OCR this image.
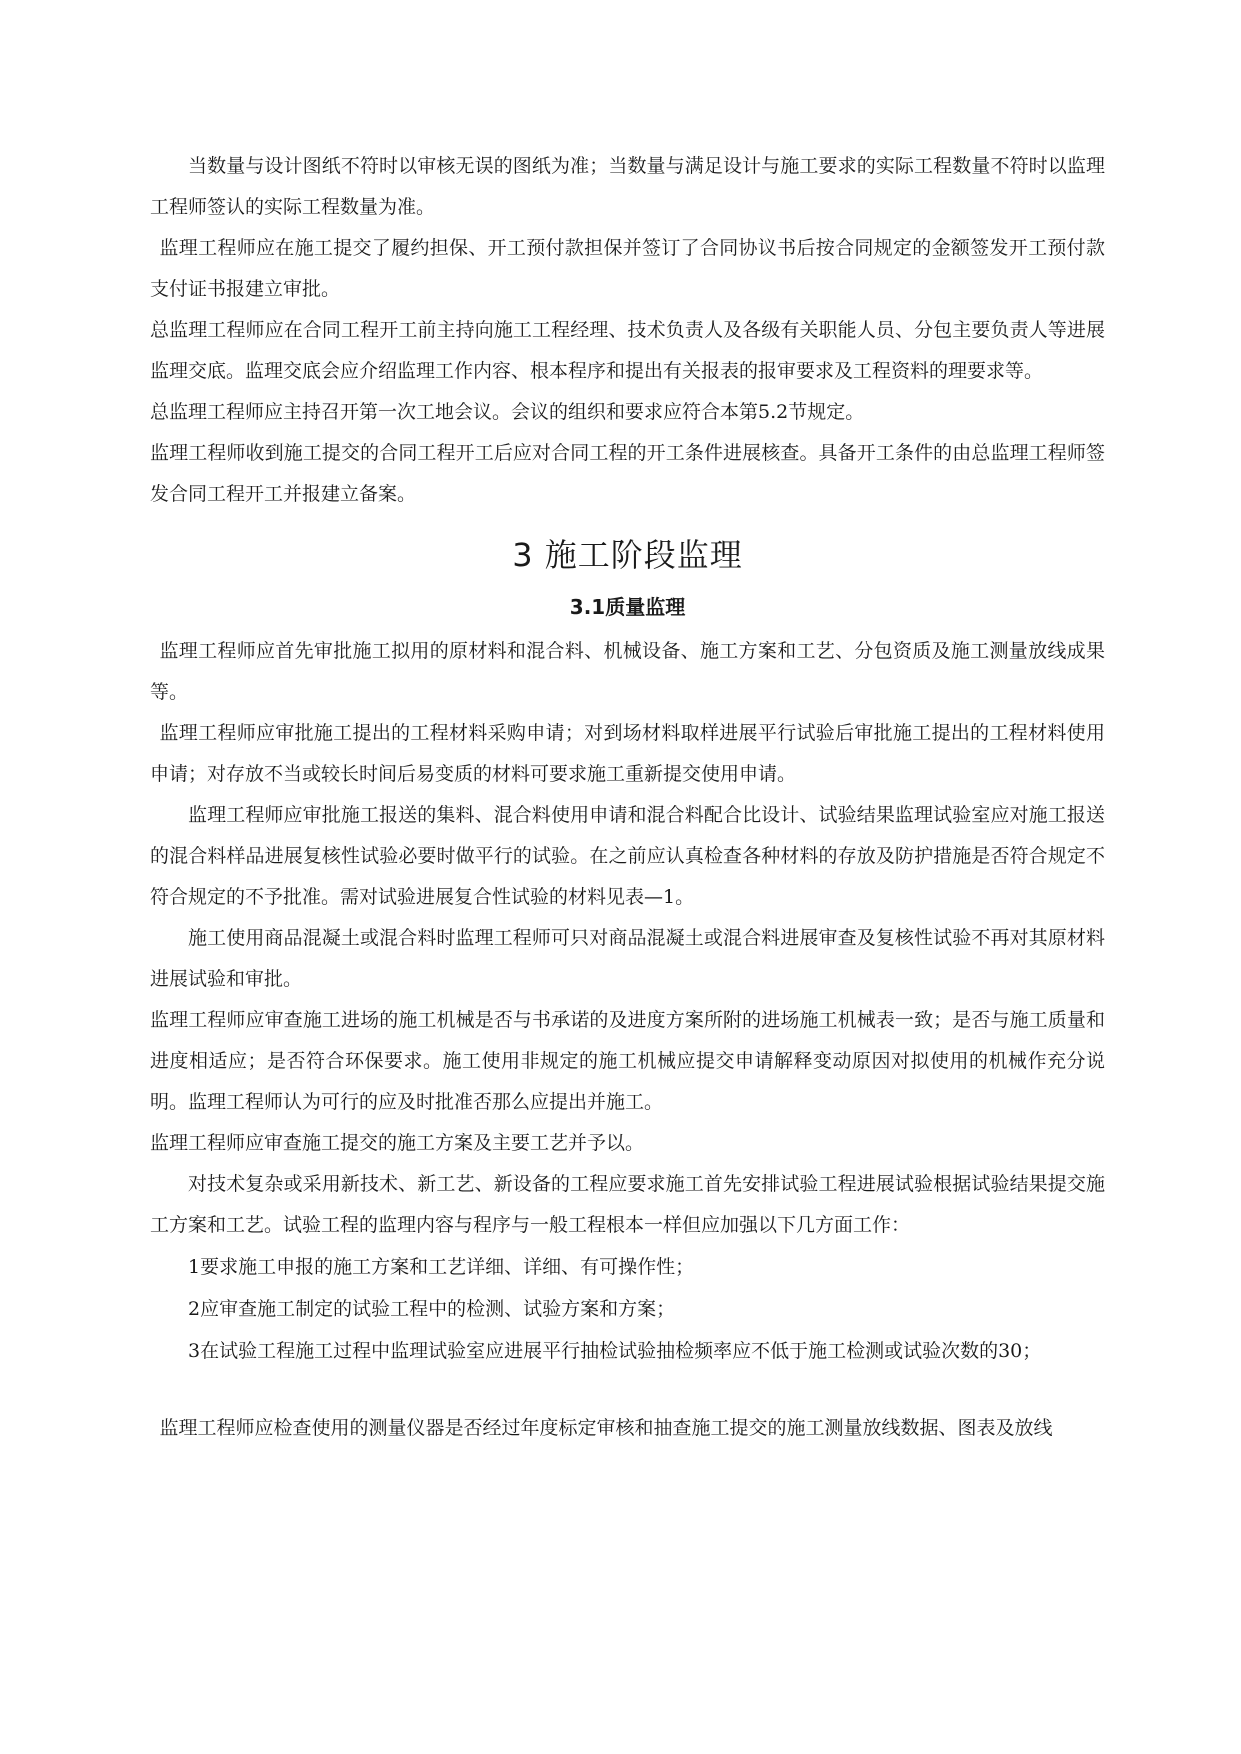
当数量与设计图纸不符时以审核无误的图纸为准；当数量与满足设计与施工要求的实际工程数量不符时以监理工程师签认的实际工程数量为准。

监理工程师应在施工提交了履约担保、开工预付款担保并签订了合同协议书后按合同规定的金额签发开工预付款支付证书报建立审批。

总监理工程师应在合同工程开工前主持向施工工程经理、技术负责人及各级有关职能人员、分包主要负责人等进展监理交底。监理交底会应介绍监理工作内容、根本程序和提出有关报表的报审要求及工程资料的理要求等。

总监理工程师应主持召开第一次工地会议。会议的组织和要求应符合本第5.2节规定。

监理工程师收到施工提交的合同工程开工后应对合同工程的开工条件进展核查。具备开工条件的由总监理工程师签发合同工程开工并报建立备案。

3 施工阶段监理
3.1质量监理

监理工程师应首先审批施工拟用的原材料和混合料、机械设备、施工方案和工艺、分包资质及施工测量放线成果等。

监理工程师应审批施工提出的工程材料采购申请；对到场材料取样进展平行试验后审批施工提出的工程材料使用申请；对存放不当或较长时间后易变质的材料可要求施工重新提交使用申请。

监理工程师应审批施工报送的集料、混合料使用申请和混合料配合比设计、试验结果监理试验室应对施工报送的混合料样品进展复核性试验必要时做平行的试验。在之前应认真检查各种材料的存放及防护措施是否符合规定不符合规定的不予批准。需对试验进展复合性试验的材料见表—1。

施工使用商品混凝土或混合料时监理工程师可只对商品混凝土或混合料进展审查及复核性试验不再对其原材料进展试验和审批。

监理工程师应审查施工进场的施工机械是否与书承诺的及进度方案所附的进场施工机械表一致；是否与施工质量和进度相适应；是否符合环保要求。施工使用非规定的施工机械应提交申请解释变动原因对拟使用的机械作充分说明。监理工程师认为可行的应及时批准否那么应提出并施工。

监理工程师应审查施工提交的施工方案及主要工艺并予以。

对技术复杂或采用新技术、新工艺、新设备的工程应要求施工首先安排试验工程进展试验根据试验结果提交施工方案和工艺。试验工程的监理内容与程序与一般工程根本一样但应加强以下几方面工作：

1要求施工申报的施工方案和工艺详细、详细、有可操作性；

2应审查施工制定的试验工程中的检测、试验方案和方案；

3在试验工程施工过程中监理试验室应进展平行抽检试验抽检频率应不低于施工检测或试验次数的30；

监理工程师应检查使用的测量仪器是否经过年度标定审核和抽查施工提交的施工测量放线数据、图表及放线
